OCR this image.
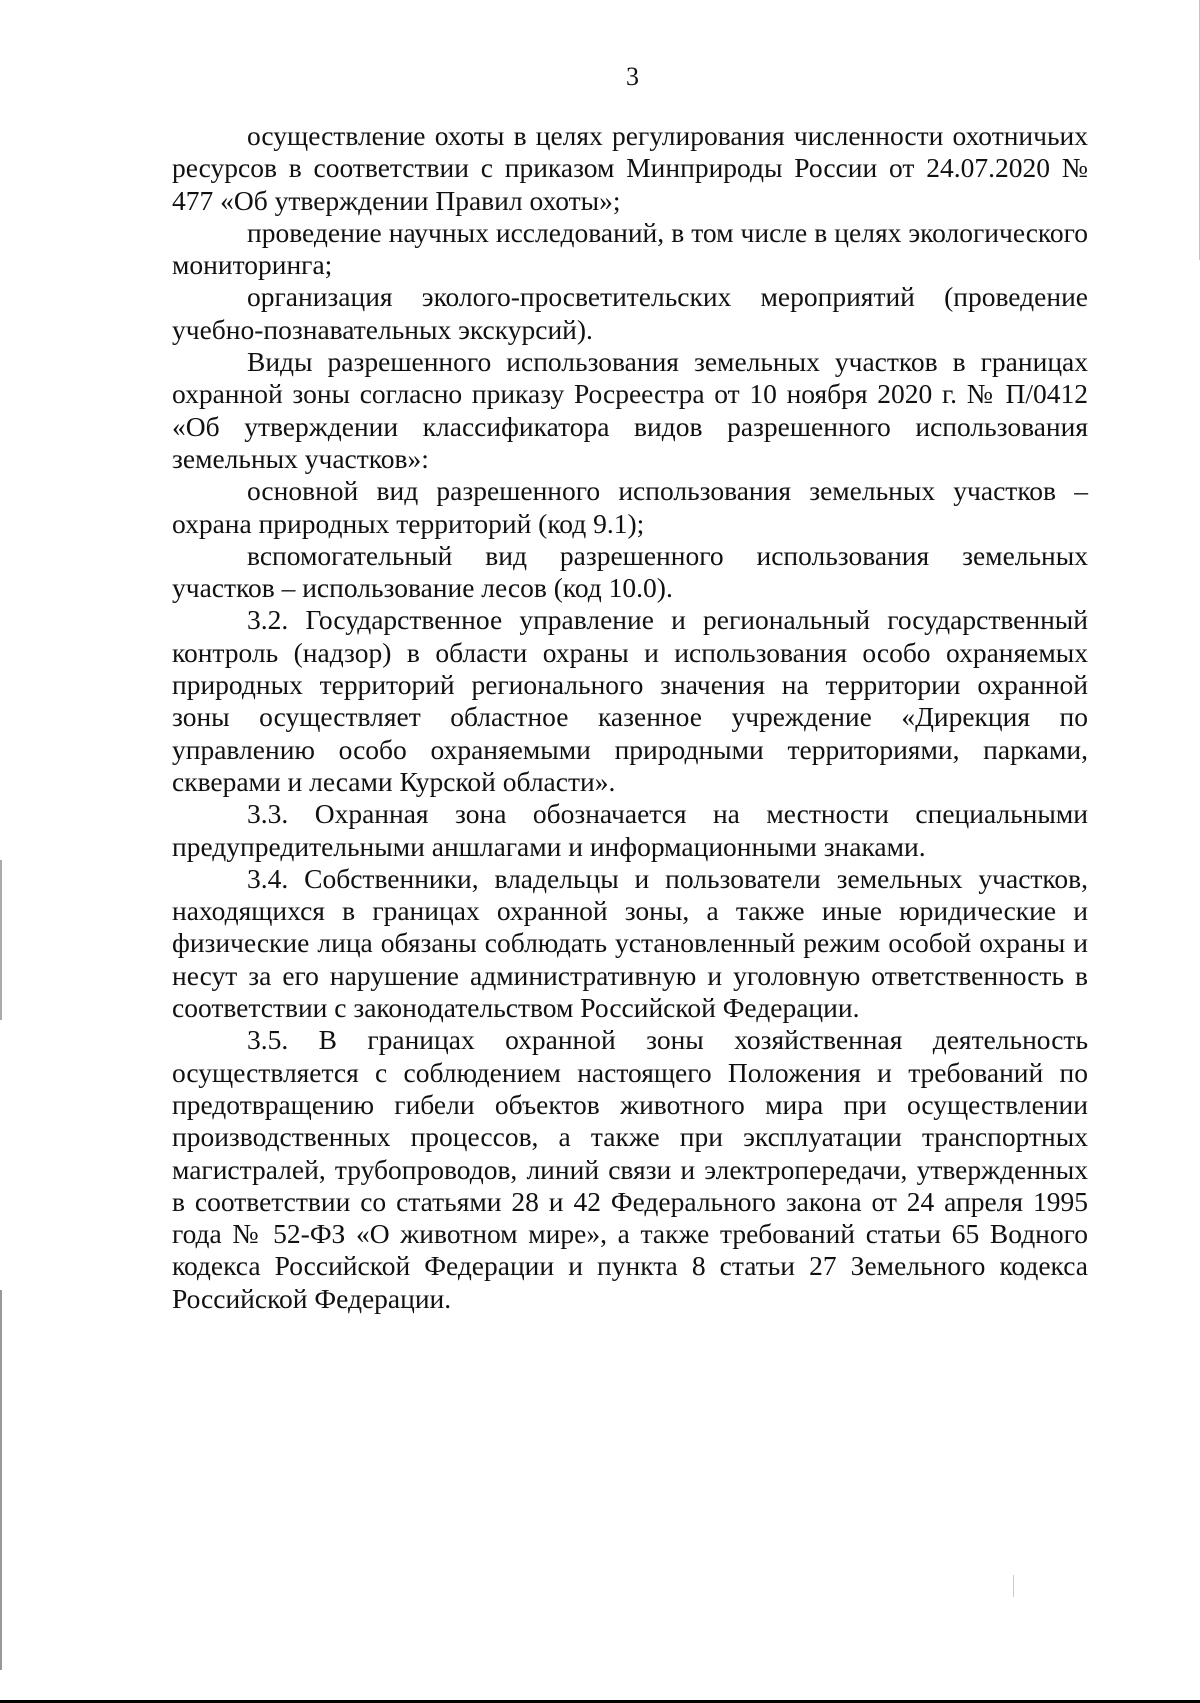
3

осуществление охоты в целях регулирования численности охотничьих ресурсов в соответствии с приказом Минприроды России от 24.07.2020 № 477 «Об утверждении Правил охоты»;

проведение научных исследований, в том числе в целях экологического мониторинга;

организация эколого-просветительских мероприятий (проведение учебно-познавательных экскурсий).

Виды разрешенного использования земельных участков в границах охранной зоны согласно приказу Росреестра от 10 ноября 2020 г. № П/0412 «Об утверждении классификатора видов разрешенного использования земельных участков»:

основной вид разрешенного использования земельных участков – охрана природных территорий (код 9.1);

вспомогательный вид разрешенного использования земельных участков – использование лесов (код 10.0).

3.2. Государственное управление и региональный государственный контроль (надзор) в области охраны и использования особо охраняемых природных территорий регионального значения на территории охранной зоны осуществляет областное казенное учреждение «Дирекция по управлению особо охраняемыми природными территориями, парками, скверами и лесами Курской области».

3.3. Охранная зона обозначается на местности специальными предупредительными аншлагами и информационными знаками.

3.4. Собственники, владельцы и пользователи земельных участков, находящихся в границах охранной зоны, а также иные юридические и физические лица обязаны соблюдать установленный режим особой охраны и несут за его нарушение административную и уголовную ответственность в соответствии с законодательством Российской Федерации.

3.5. В границах охранной зоны хозяйственная деятельность осуществляется с соблюдением настоящего Положения и требований по предотвращению гибели объектов животного мира при осуществлении производственных процессов, а также при эксплуатации транспортных магистралей, трубопроводов, линий связи и электропередачи, утвержденных в соответствии со статьями 28 и 42 Федерального закона от 24 апреля 1995 года № 52-ФЗ «О животном мире», а также требований статьи 65 Водного кодекса Российской Федерации и пункта 8 статьи 27 Земельного кодекса Российской Федерации.
